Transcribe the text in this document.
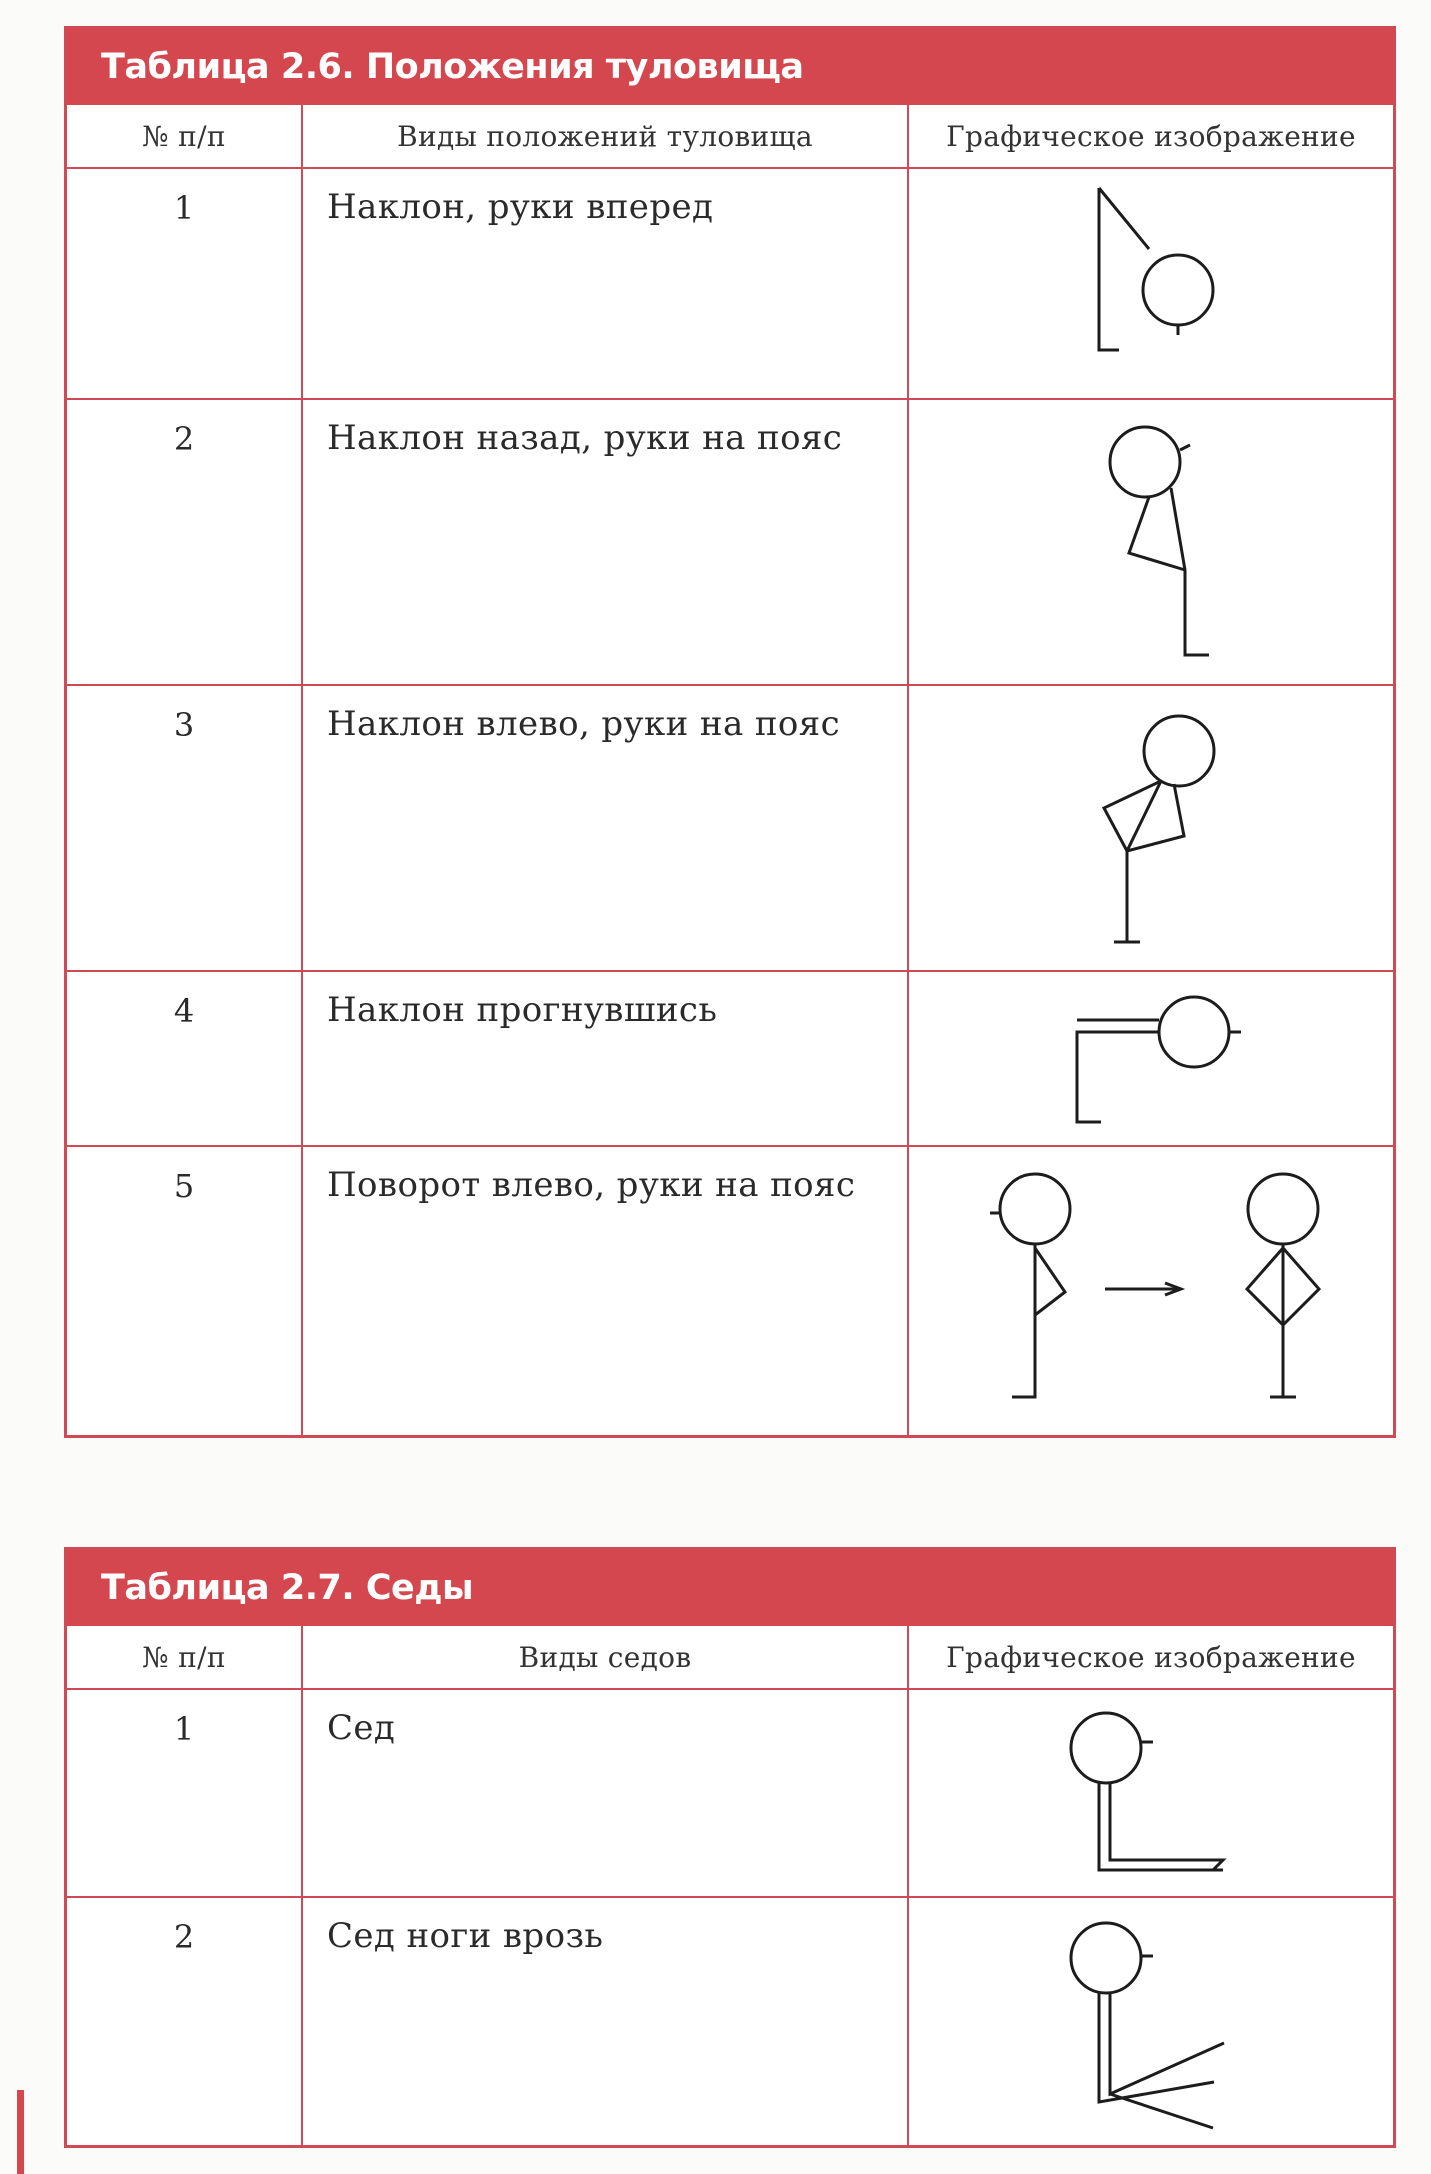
Таблица 2.6. Положения туловища
№ п/п	Виды положений туловища	Графическое изображение
1	Наклон, руки вперед	

2	Наклон назад, руки на пояс	

3	Наклон влево, руки на пояс	

4	Наклон прогнувшись	

5	Поворот влево, руки на пояс	
Таблица 2.7. Седы
№ п/п	Виды седов	Графическое изображение
1	Сед	

2	Сед ноги врозь	
